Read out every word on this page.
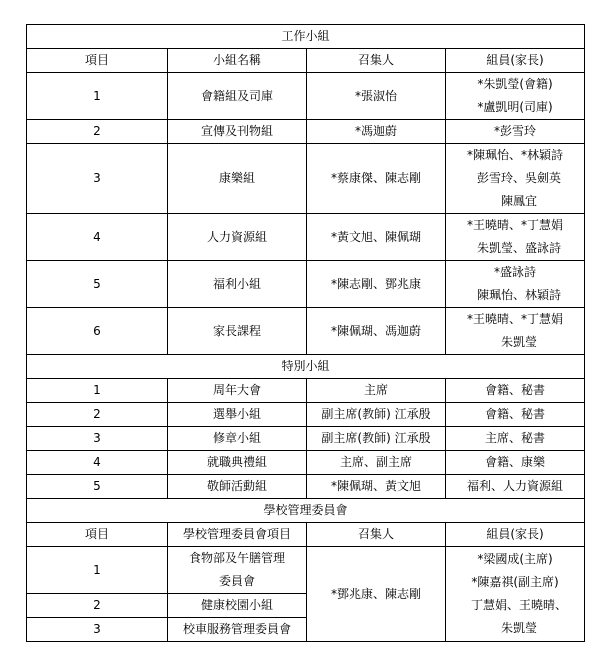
工作小組			
項目	小組名稱	召集人	組員(家長)
1	會籍組及司庫	*張淑怡	*朱凱瑩(會籍)
*盧凱明(司庫)

2	宣傳及刊物組	*馮迦蔚	*彭雪玲

3	康樂組	*蔡康傑、陳志剛	*陳珮怡、*林穎詩
彭雪玲、吳劍英
陳鳳宜

4	人力資源組	*黃文旭、陳佩瑚	*王曉晴、*丁慧娟
朱凱瑩、盛詠詩

5	福利小組	*陳志剛、鄧兆康	*盛詠詩
陳珮怡、林穎詩

6	家長課程	*陳佩瑚、馮迦蔚	*王曉晴、*丁慧娟
朱凱瑩

特別小組			
1	周年大會	主席	會籍、秘書
2	選舉小組	副主席(教師) 江承殷	會籍、秘書
3	修章小組	副主席(教師) 江承殷	主席、秘書
4	就職典禮組	主席、副主席	會籍、康樂
5	敬師活動組	*陳佩瑚、黃文旭	福利、人力資源組
學校管理委員會			
項目	學校管理委員會項目	召集人	組員(家長)
1	食物部及午膳管理
委員會	*鄧兆康、陳志剛	*梁國成(主席)
*陳嘉祺(副主席)
丁慧娟、王曉晴、
朱凱瑩

2	健康校園小組		
3	校車服務管理委員會		
